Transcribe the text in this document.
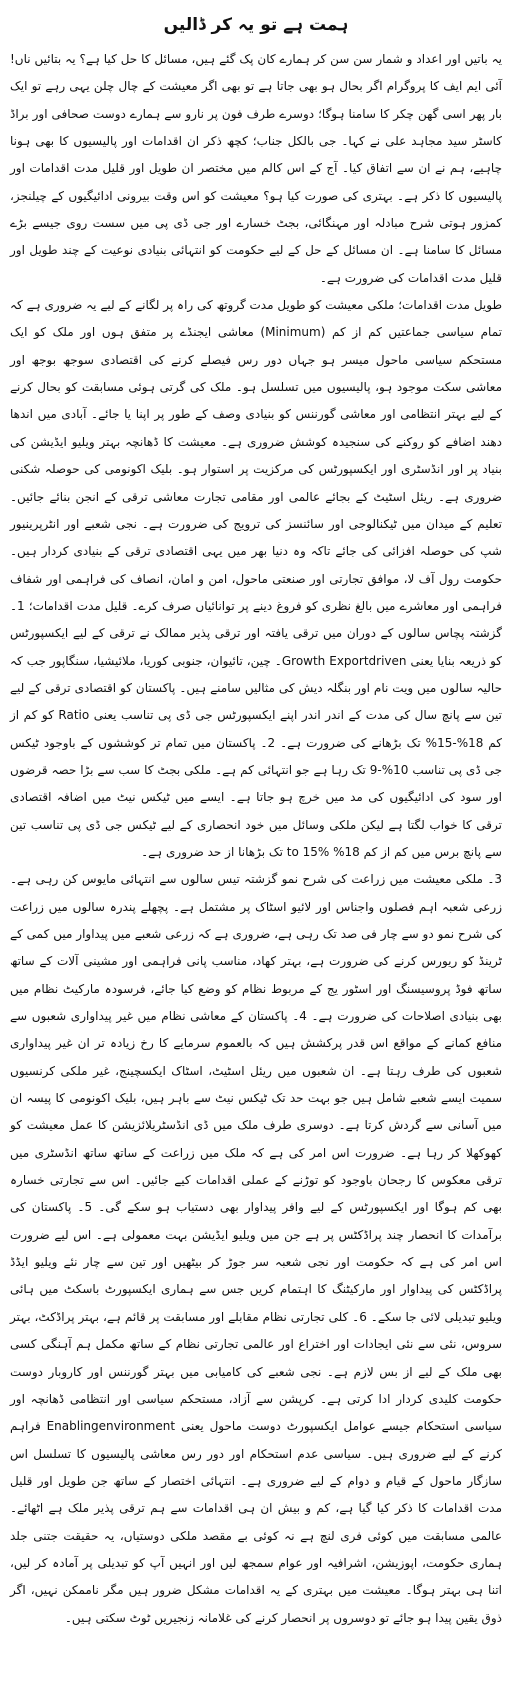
ہمت ہے تو یہ کر ڈالیں

یہ باتیں اور اعداد و شمار سن سن کر ہمارے کان پک گئے ہیں، مسائل کا حل کیا ہے؟ یہ بتائیں ناں! آئی ایم ایف کا پروگرام اگر بحال ہو بھی جاتا ہے تو بھی اگر معیشت کے چال چلن یہی رہے تو ایک بار پھر اسی گھن چکر کا سامنا ہوگا؛ دوسرے طرف فون پر نارو سے ہمارے دوست صحافی اور براڈ کاسٹر سید مجاہد علی نے کہا۔ جی بالکل جناب؛ کچھ ذکر ان اقدامات اور پالیسیوں کا بھی ہونا چاہیے، ہم نے ان سے اتفاق کیا۔ آج کے اس کالم میں مختصر ان طویل اور قلیل مدت اقدامات اور پالیسیوں کا ذکر ہے۔ بہتری کی صورت کیا ہو؟ معیشت کو اس وقت بیرونی ادائیگیوں کے چیلنجز، کمزور ہوتی شرح مبادلہ اور مہنگائی، بجٹ خسارے اور جی ڈی پی میں سست روی جیسے بڑے مسائل کا سامنا ہے۔ ان مسائل کے حل کے لیے حکومت کو انتہائی بنیادی نوعیت کے چند طویل اور قلیل مدت اقدامات کی ضرورت ہے۔

طویل مدت اقدامات؛ ملکی معیشت کو طویل مدت گروتھ کی راہ پر لگانے کے لیے یہ ضروری ہے کہ تمام سیاسی جماعتیں کم از کم (Minimum) معاشی ایجنڈے پر متفق ہوں اور ملک کو ایک مستحکم سیاسی ماحول میسر ہو جہاں دور رس فیصلے کرنے کی اقتصادی سوجھ بوجھ اور معاشی سکت موجود ہو، پالیسیوں میں تسلسل ہو۔ ملک کی گرتی ہوئی مسابقت کو بحال کرنے کے لیے بہتر انتظامی اور معاشی گورننس کو بنیادی وصف کے طور پر اپنا یا جائے۔ آبادی میں اندھا دھند اضافے کو روکنے کی سنجیدہ کوشش ضروری ہے۔ معیشت کا ڈھانچہ بہتر ویلیو ایڈیشن کی بنیاد پر اور انڈسٹری اور ایکسپورٹس کی مرکزیت پر استوار ہو۔ بلیک اکونومی کی حوصلہ شکنی ضروری ہے۔ ریئل اسٹیٹ کے بجائے عالمی اور مقامی تجارت معاشی ترقی کے انجن بنائے جائیں۔ تعلیم کے میدان میں ٹیکنالوجی اور سائنسز کی ترویج کی ضرورت ہے۔ نجی شعبے اور انٹرپرینیور شپ کی حوصلہ افزائی کی جائے تاکہ وہ دنیا بھر میں یہی اقتصادی ترقی کے بنیادی کردار ہیں۔ حکومت رول آف لا، موافق تجارتی اور صنعتی ماحول، امن و امان، انصاف کی فراہمی اور شفاف فراہمی اور معاشرے میں بالغ نظری کو فروغ دینے پر توانائیاں صرف کرے۔ قلیل مدت اقدامات؛ 1۔ گزشتہ پچاس سالوں کے دوران میں ترقی یافتہ اور ترقی پذیر ممالک نے ترقی کے لیے ایکسپورٹس کو ذریعہ بنایا یعنی Growth Exportdriven۔ چین، تائیوان، جنوبی کوریا، ملائیشیا، سنگاپور جب کہ حالیہ سالوں میں ویت نام اور بنگلہ دیش کی مثالیں سامنے ہیں۔ پاکستان کو اقتصادی ترقی کے لیے تین سے پانچ سال کی مدت کے اندر اندر اپنے ایکسپورٹس جی ڈی پی تناسب یعنی Ratio کو کم از کم 18%-15% تک بڑھانے کی ضرورت ہے۔ 2۔ پاکستان میں تمام تر کوششوں کے باوجود ٹیکس جی ڈی پی تناسب 10%-9 تک رہا ہے جو انتہائی کم ہے۔ ملکی بجٹ کا سب سے بڑا حصہ قرضوں اور سود کی ادائیگیوں کی مد میں خرچ ہو جاتا ہے۔ ایسے میں ٹیکس نیٹ میں اضافہ اقتصادی ترقی کا خواب لگتا ہے لیکن ملکی وسائل میں خود انحصاری کے لیے ٹیکس جی ڈی پی تناسب تین سے پانچ برس میں کم از کم 18% to 15% تک بڑھانا از حد ضروری ہے۔

3۔ ملکی معیشت میں زراعت کی شرح نمو گزشتہ تیس سالوں سے انتہائی مایوس کن رہی ہے۔ زرعی شعبہ اہم فصلوں واجناس اور لائیو اسٹاک پر مشتمل ہے۔ پچھلے پندرہ سالوں میں زراعت کی شرح نمو دو سے چار فی صد تک رہی ہے، ضروری ہے کہ زرعی شعبے میں پیداوار میں کمی کے ٹرینڈ کو ریورس کرنے کی ضرورت ہے، بہتر کھاد، مناسب پانی فراہمی اور مشینی آلات کے ساتھ ساتھ فوڈ پروسیسنگ اور اسٹور یج کے مربوط نظام کو وضع کیا جائے، فرسودہ مارکیٹ نظام میں بھی بنیادی اصلاحات کی ضرورت ہے۔ 4۔ پاکستان کے معاشی نظام میں غیر پیداواری شعبوں سے منافع کمانے کے مواقع اس قدر پرکشش ہیں کہ بالعموم سرمایے کا رخ زیادہ تر ان غیر پیداواری شعبوں کی طرف رہتا ہے۔ ان شعبوں میں ریئل اسٹیٹ، اسٹاک ایکسچینج، غیر ملکی کرنسیوں سمیت ایسے شعبے شامل ہیں جو بہت حد تک ٹیکس نیٹ سے باہر ہیں، بلیک اکونومی کا پیسہ ان میں آسانی سے گردش کرتا ہے۔ دوسری طرف ملک میں ڈی انڈسٹریلائزیشن کا عمل معیشت کو کھوکھلا کر رہا ہے۔ ضرورت اس امر کی ہے کہ ملک میں زراعت کے ساتھ ساتھ انڈسٹری میں ترقی معکوس کا رجحان باوجود کو توڑنے کے عملی اقدامات کیے جائیں۔ اس سے تجارتی خسارہ بھی کم ہوگا اور ایکسپورٹس کے لیے وافر پیداوار بھی دستیاب ہو سکے گی۔ 5۔ پاکستان کی برآمدات کا انحصار چند پراڈکٹس پر ہے جن میں ویلیو ایڈیشن بہت معمولی ہے۔ اس لیے ضرورت اس امر کی ہے کہ حکومت اور نجی شعبہ سر جوڑ کر بیٹھیں اور تین سے چار نئے ویلیو ایڈڈ پراڈکٹس کی پیداوار اور مارکیٹنگ کا اہتمام کریں جس سے ہماری ایکسپورٹ باسکٹ میں ہائی ویلیو تبدیلی لائی جا سکے۔ 6۔ کلی تجارتی نظام مقابلے اور مسابقت پر قائم ہے، بہتر پراڈکٹ، بہتر سروس، نئی سے نئی ایجادات اور اختراع اور عالمی تجارتی نظام کے ساتھ مکمل ہم آہنگی کسی بھی ملک کے لیے از بس لازم ہے۔ نجی شعبے کی کامیابی میں بہتر گورننس اور کاروبار دوست حکومت کلیدی کردار ادا کرتی ہے۔ کرپشن سے آزاد، مستحکم سیاسی اور انتظامی ڈھانچہ اور سیاسی استحکام جیسے عوامل ایکسپورٹ دوست ماحول یعنی Enablingenvironment فراہم کرنے کے لیے ضروری ہیں۔ سیاسی عدم استحکام اور دور رس معاشی پالیسیوں کا تسلسل اس سازگار ماحول کے قیام و دوام کے لیے ضروری ہے۔ انتہائی اختصار کے ساتھ جن طویل اور قلیل مدت اقدامات کا ذکر کیا گیا ہے، کم و بیش ان ہی اقدامات سے ہم ترقی پذیر ملک ہے اٹھائے۔ عالمی مسابقت میں کوئی فری لنچ ہے نہ کوئی بے مقصد ملکی دوستیاں، یہ حقیقت جتنی جلد ہماری حکومت، اپوزیشن، اشرافیہ اور عوام سمجھ لیں اور انہیں آپ کو تبدیلی پر آمادہ کر لیں، اتنا ہی بہتر ہوگا۔ معیشت میں بہتری کے یہ اقدامات مشکل ضرور ہیں مگر ناممکن نہیں، اگر ذوق یقین پیدا ہو جائے تو دوسروں پر انحصار کرنے کی غلامانہ زنجیریں ٹوٹ سکتی ہیں۔
